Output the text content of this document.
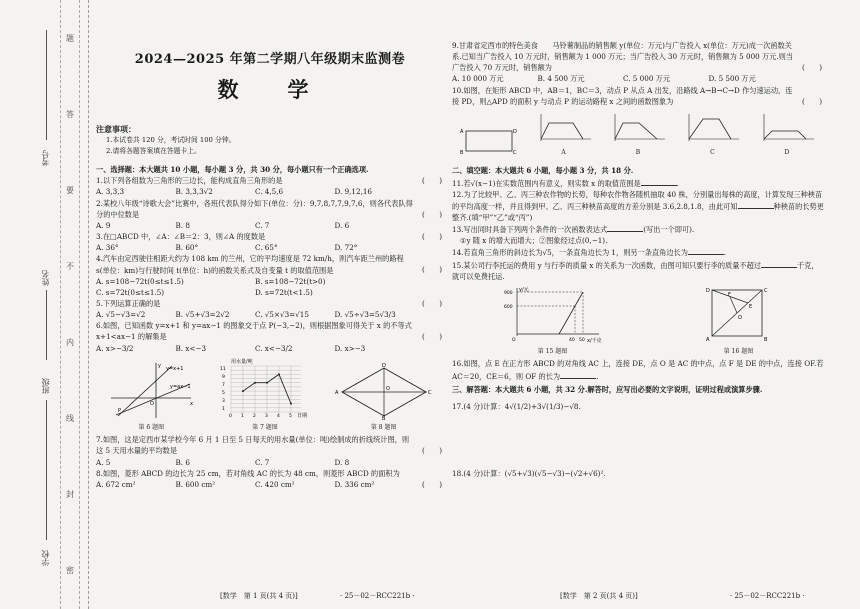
考号
姓名
班级
学校
题
答
要
不
内
线
封
密
2024—2025 年第二学期八年级期末监测卷
数　学
注意事项：
1.本试卷共 120 分，考试时间 100 分钟。
2.请将各题答案填在答题卡上。
一、选择题：本大题共 10 小题，每小题 3 分，共 30 分，每小题只有一个正确选项.
1.以下列各组数为三角形的三边长，能构成直角三角形的是	(　　)
A. 3,3,3	B. 3,3,3√2	C. 4,5,6	D. 9,12,16
2.某校八年级“诗歌大会”比赛中，各班代表队得分如下(单位：分)：9,7,8,7,7,9,7,6，则各代表队得分的中位数是	(　　)
A. 9	B. 8	C. 7	D. 6
3.在□ABCD 中，∠A：∠B＝2：3，则∠A 的度数是	(　　)
A. 36°	B. 60°	C. 65°	D. 72°
4.汽车由定西驶往相距大约为 108 km 的兰州，它的平均速度是 72 km/h，则汽车距兰州的路程 s(单位：km)与行驶时间 t(单位：h)的函数关系式及自变量 t 的取值范围是	(　　)
A. s=108−72t(0≤t≤1.5)	B. s=108−72t(t>0)
C. s=72t(0≤t≤1.5)	D. s=72t(t<1.5)
5.下列运算正确的是	(　　)
A. √5−√3=√2	B. √5+√3=2√2	C. √5×√3=√15	D. √5÷√3=5√3/3
6.如图，已知函数 y=x+1 和 y=ax−1 的图象交于点 P(−3,−2)，则根据图象可得关于 x 的不等式 x+1<ax−1 的解集是	(　　)
A. x>−3/2	B. x<−3	C. x<−3/2	D. x>−3
y=x+1
y=ax−1
O	x
y
P
第 6 题图
用水量/吨
日期
11
9
7
5
3
1
0 1 2 3 4 5
第 7 题图
A
D
C
B
O
第 8 题图
7.如图，这是定西市某学校今年 6 月 1 日至 5 日每天的用水量(单位：吨)绘制成的折线统计图，则这 5 天用水量的平均数是	(　　)
A. 5	B. 6	C. 7	D. 8
8.如图，菱形 ABCD 的边长为 25 cm，若对角线 AC 的长为 48 cm，则菱形 ABCD 的面积为
(　　)
A. 672 cm²	B. 600 cm²	C. 420 cm²	D. 336 cm²
9.甘肃省定西市的特色美食　　马铃薯制品的销售额 y(单位：万元)与广告投入 x(单位：万元)成一次函数关系.已知当广告投入 10 万元时，销售额为 1 000 万元；当广告投入 30 万元时，销售额为 5 000 万元.则当广告投入 70 万元时，销售额为	(　　)
A. 10 000 万元	B. 4 500 万元	C. 5 000 万元	D. 5 500 万元
10.如图，在矩形 ABCD 中，AB＝1，BC＝3，动点 P 从点 A 出发，沿路线 A→B→C→D 作匀速运动，连接 PD，则△APD 的面积 y 与动点 P 的运动路程 x 之间的函数图象为	(　　)
A
B	C
D
A	B	C	D
二、填空题：本大题共 6 小题，每小题 3 分，共 18 分.
11.若√(x−1)在实数范围内有意义，则实数 x 的取值范围是	.
12.为了比较甲、乙、丙三种农作物的长势，每种农作物各随机抽取 40 株，分别量出每株的高度，计算发现三种秧苗的平均高度一样，并且得到甲、乙、丙三种秧苗高度的方差分别是 3.6,2.8,1.8，由此可知	种秧苗的长势更整齐.(填“甲”“乙”或“丙”)
13.写出同时具备下列两个条件的一次函数表达式	(写出一个即可).
①y 随 x 的增大而增大；②图象经过点(0,−1).
14.若直角三角形的斜边长为√5，一条直角边长为 1，则另一条直角边长为	.
15.某公司行李托运的费用 y 与行李的质量 x 的关系为一次函数，由图可知只要行李的质量不超过	千克，就可以免费托运.
y/元
x/千克
900
600
40 50
O
第 15 题图
D
A	B
C
E
F
O
第 16 题图
16.如图，点 E 在正方形 ABCD 的对角线 AC 上，连接 DE，点 O 是 AC 的中点，点 F 是 DE 的中点，连接 OF.若 AC＝20，CE＝6，则 OF 的长为	.
三、解答题：本大题共 6 小题，共 32 分.解答时，应写出必要的文字说明，证明过程或演算步骤.
17.(4 分)计算：4√(1/2)+3√(1/3)−√8.
18.(4 分)计算：(√5+√3)(√5−√3)−(√2+√6)².
[数学　第 1 页(共 4 页)]	· 25－02－RCC221b ·	[数学　第 2 页(共 4 页)]	· 25－02－RCC221b ·
